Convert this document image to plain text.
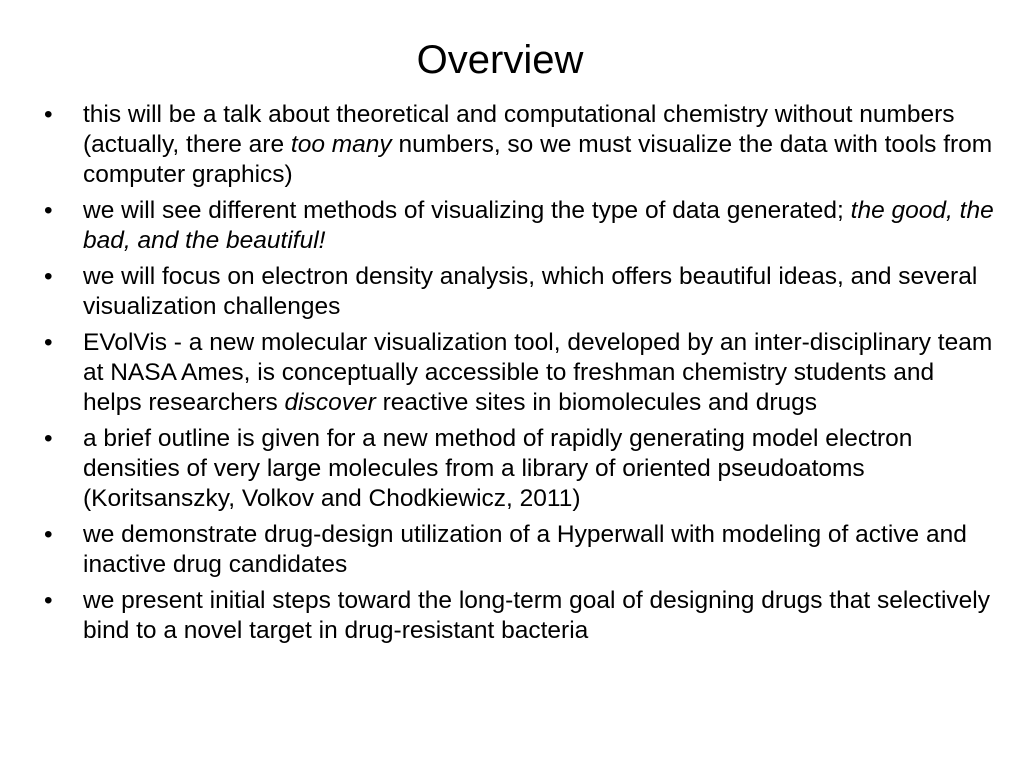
Overview
• this will be a talk about theoretical and computational chemistry without numbers (actually, there are too many numbers, so we must visualize the data with tools from computer graphics)
• we will see different methods of visualizing the type of data generated; the good, the bad, and the beautiful!
• we will focus on electron density analysis, which offers beautiful ideas, and several visualization challenges
• EVolVis - a new molecular visualization tool, developed by an inter-disciplinary team at NASA Ames, is conceptually accessible to freshman chemistry students and helps researchers discover reactive sites in biomolecules and drugs
• a brief outline is given for a new method of rapidly generating model electron densities of very large molecules from a library of oriented pseudoatoms (Koritsanszky, Volkov and Chodkiewicz, 2011)
• we demonstrate drug-design utilization of a Hyperwall with modeling of active and inactive drug candidates
• we present initial steps toward the long-term goal of designing drugs that selectively bind to a novel target in drug-resistant bacteria
